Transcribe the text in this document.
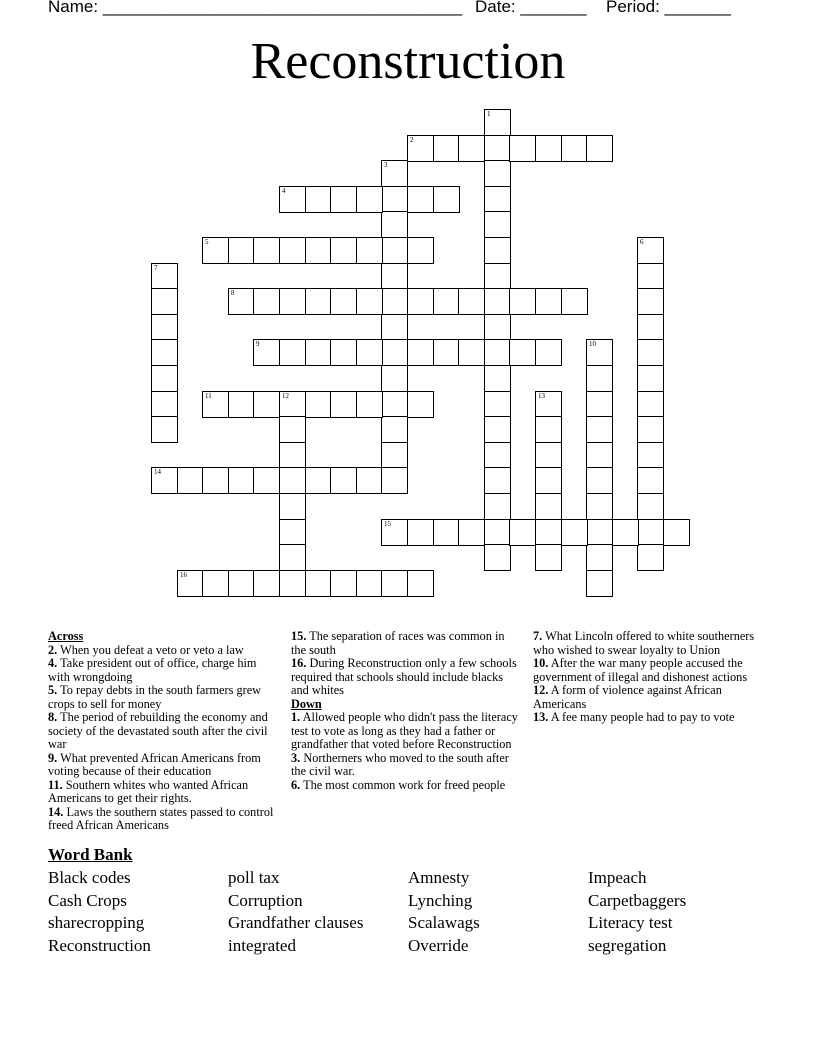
Name: ______________________________________ Date: _______ Period: _______
Reconstruction
1
2
3
4
5	6
7
8
9	10
11	12	13
14
15
16
Across
2. When you defeat a veto or veto a law
4. Take president out of office, charge him with wrongdoing
5. To repay debts in the south farmers grew crops to sell for money
8. The period of rebuilding the economy and society of the devastated south after the civil war
9. What prevented African Americans from voting because of their education
11. Southern whites who wanted African Americans to get their rights.
14. Laws the southern states passed to control freed African Americans
15. The separation of races was common in the south
16. During Reconstruction only a few schools required that schools should include blacks and whites
Down
1. Allowed people who didn't pass the literacy test to vote as long as they had a father or grandfather that voted before Reconstruction
3. Northerners who moved to the south after the civil war.
6. The most common work for freed people
7. What Lincoln offered to white southerners who wished to swear loyalty to Union
10. After the war many people accused the government of illegal and dishonest actions
12. A form of violence against African Americans
13. A fee many people had to pay to vote
Word Bank
Black codes	poll tax	Amnesty	Impeach
Cash Crops	Corruption	Lynching	Carpetbaggers
sharecropping	Grandfather clauses	Scalawags	Literacy test
Reconstruction	integrated	Override	segregation
